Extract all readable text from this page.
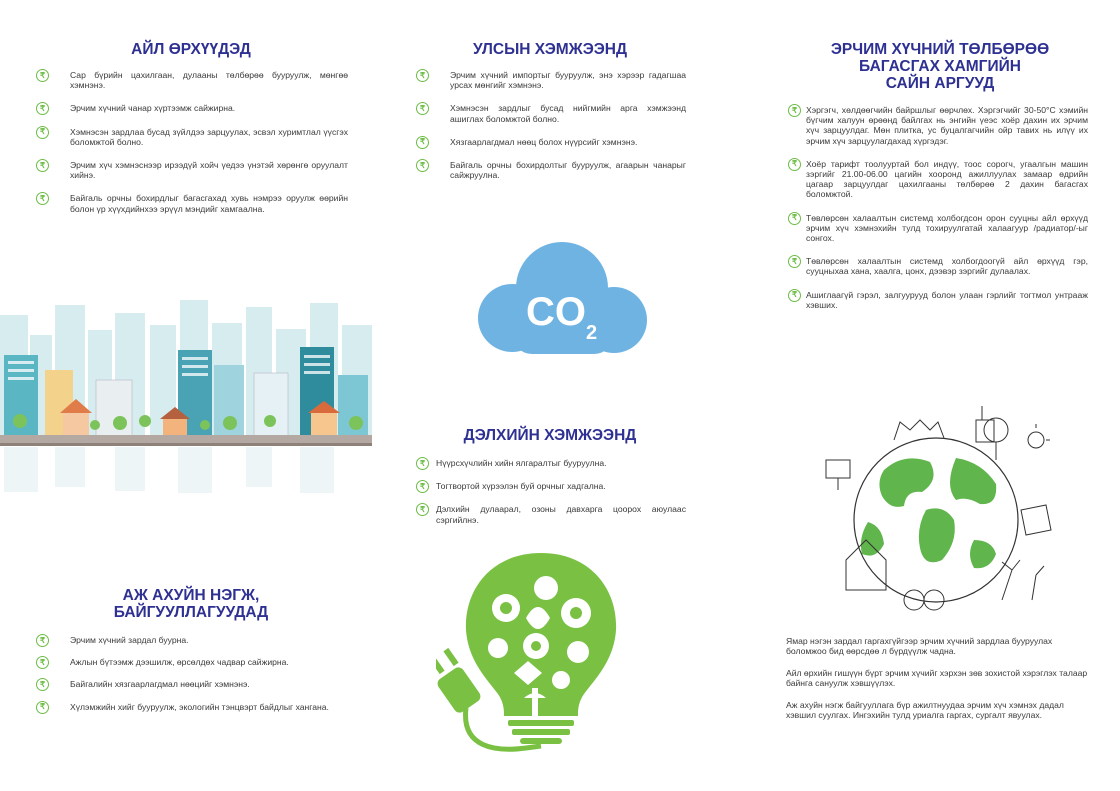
АЙЛ ӨРХҮҮДЭД
₹	Сар бүрийн цахилгаан, дулааны төлбөрөө бууруулж, мөнгөө хэмнэнэ.
₹	Эрчим хүчний чанар хүртээмж сайжирна.
₹	Хэмнэсэн зардлаа бусад зүйлдээ зарцуулах, эсвэл хуримтлал үүсгэх боломжтой болно.
₹	Эрчим хүч хэмнэснээр ирээдүй хойч үедээ үнэтэй хөрөнгө оруулалт хийнэ.
₹	Байгаль орчны бохирдлыг багасгахад хувь нэмрээ оруулж өөрийн болон үр хүүхдийнхээ эрүүл мэндийг хамгаална.
АЖ АХУЙН НЭГЖ,
БАЙГУУЛЛАГУУДАД
₹	Эрчим хүчний зардал буурна.
₹	Ажлын бүтээмж дээшилж, өрсөлдөх чадвар сайжирна.
₹	Байгалийн хязгаарлагдмал нөөцийг хэмнэнэ.
₹	Хүлэмжийн хийг бууруулж, экологийн тэнцвэрт байдлыг хангана.
УЛСЫН ХЭМЖЭЭНД
₹	Эрчим хүчний импортыг бууруулж, энэ хэрээр гадагшаа урсах мөнгийг хэмнэнэ.
₹	Хэмнэсэн зардлыг бусад нийгмийн арга хэмжээнд ашиглах боломжтой болно.
₹	Хязгаарлагдмал нөөц болох нүүрсийг хэмнэнэ.
₹	Байгаль орчны бохирдолтыг бууруулж, агаарын чанарыг сайжруулна.
$CO_2$
ДЭЛХИЙН ХЭМЖЭЭНД
₹	Нүүрсхүчлийн хийн ялгаралтыг бууруулна.
₹	Тогтвортой хүрээлэн буй орчныг хадгална.
₹	Дэлхийн дулаарал, озоны давхарга цоорох аюулаас сэргийлнэ.
ЭРЧИМ ХҮЧНИЙ ТӨЛБӨРӨӨ
БАГАСГАХ ХАМГИЙН
САЙН АРГУУД
₹	Хэргэгч, хөлдөөгчийн байршлыг өөрчлөх. Хэргэгчийг 30-50°C хэмийн бүгчим халуун өрөөнд байлгах нь энгийн үеэс хоёр дахин их эрчим хүч зарцуулдаг. Мөн плитка, ус буцалгагчийн ойр тавих нь илүү их эрчим хүч зарцуулагдахад хүргэдэг.
₹	Хоёр тарифт тоолууртай бол индүү, тоос сорогч, угаалгын машин зэргийг 21.00-06.00 цагийн хооронд ажиллуулах замаар өдрийн цагаар зарцуулдаг цахилгааны төлбөрөө 2 дахин багасгах боломжтой.
₹	Төвлөрсөн халаалтын системд холбогдсон орон сууцны айл өрхүүд эрчим хүч хэмнэхийн тулд тохируулгатай халаагуур /радиатор/-ыг сонгох.
₹	Төвлөрсөн халаалтын системд холбогдоогүй айл өрхүүд гэр, сууцныхаа хана, хаалга, цонх, дээвэр зэргийг дулаалах.
₹	Ашиглаагүй гэрэл, залгуурууд болон улаан гэрлийг тогтмол унтрааж хэвших.

Ямар нэгэн зардал гаргахгүйгээр эрчим хүчний зардлаа бууруулах боломжоо бид өөрсдөө л бүрдүүлж чадна.

Айл өрхийн гишүүн бүрт эрчим хүчийг хэрхэн зөв зохистой хэрэглэх талаар байнга сануулж хэвшүүлэх.

Аж ахуйн нэгж байгууллага бүр ажилтнуудаа эрчим хүч хэмнэх дадал хэвшил суулгах. Ингэхийн тулд уриалга гаргах, сургалт явуулах.
